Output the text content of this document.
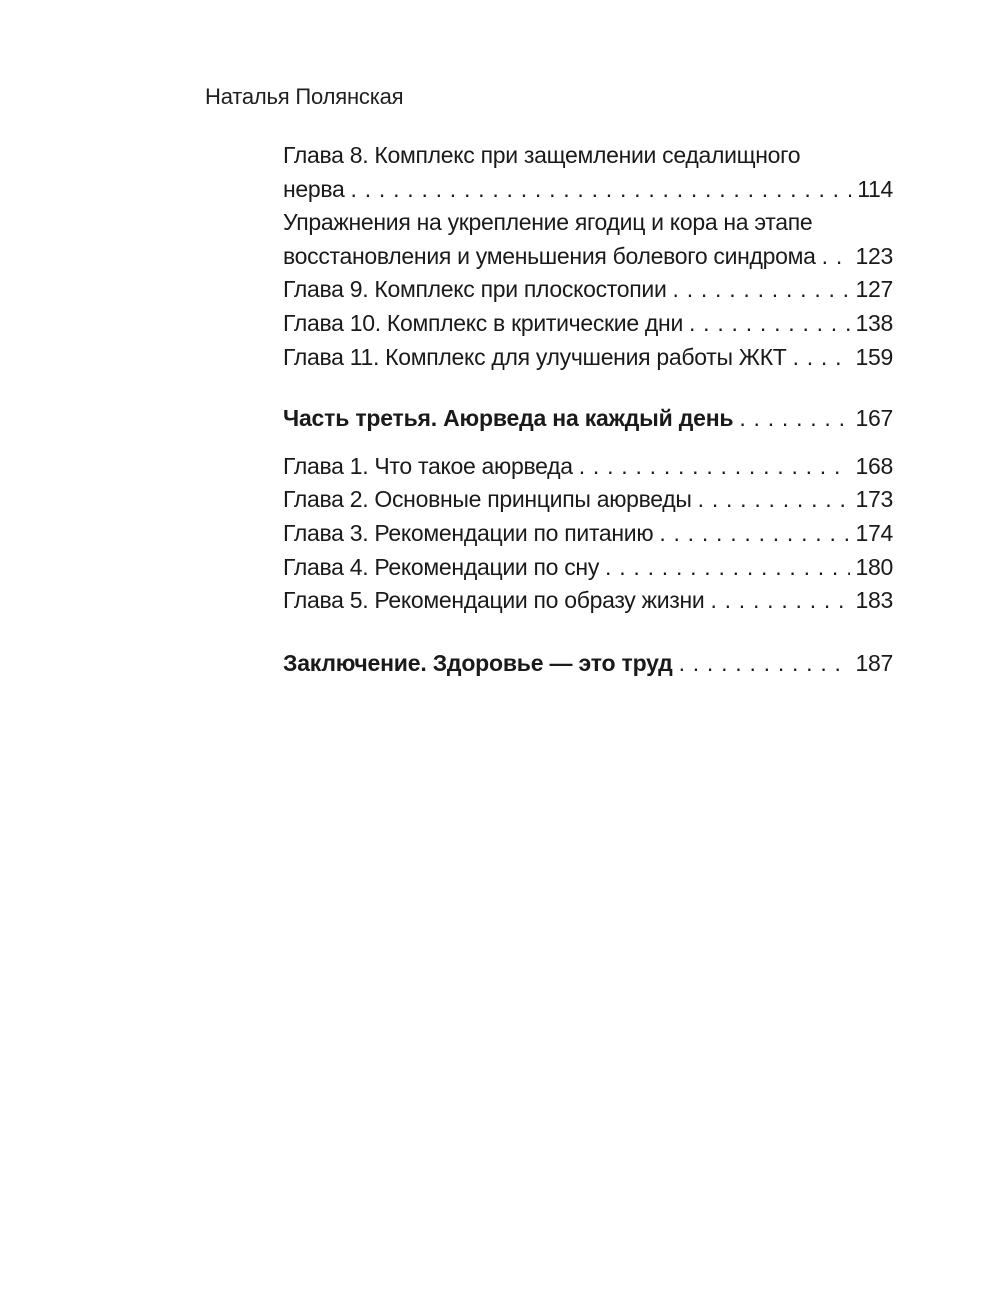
Наталья Полянская
Глава 8. Комплекс при защемлении седалищного
нерва . . .	114
Упражнения на укрепление ягодиц и кора на этапе
восстановления и уменьшения болевого синдрома . . . 123
Глава 9. Комплекс при плоскостопии . . .	127
Глава 10. Комплекс в критические дни . . .	138
Глава 11. Комплекс для улучшения работы ЖКТ . . .	159
Часть третья. Аюрведа на каждый день . . .	167
Глава 1. Что такое аюрведа . . .	168
Глава 2. Основные принципы аюрведы . . .	173
Глава 3. Рекомендации по питанию . . .	174
Глава 4. Рекомендации по сну . . .	180
Глава 5. Рекомендации по образу жизни . . .	183
Заключение. Здоровье — это труд . . .	187
